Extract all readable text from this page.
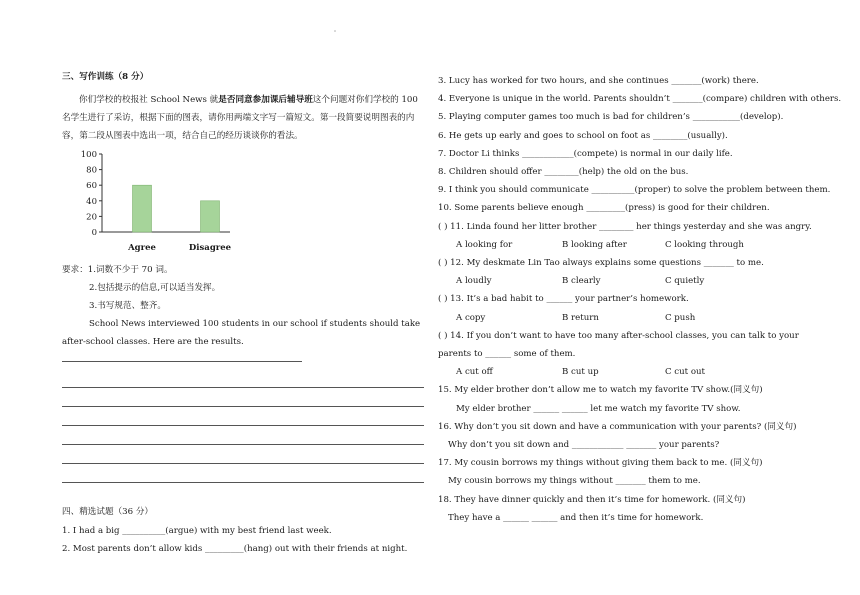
˙

三、写作训练（8 分）

你们学校的校报社 School News 就是否同意参加课后辅导班这个问题对你们学校的 100 名学生进行了采访，根据下面的图表，请你用两端文字写一篇短文。第一段简要说明图表的内容，第二段从图表中选出一项，结合自己的经历谈谈你的看法。

100
80
60
40
20
0
Agree	Disagree

要求：1.词数不少于 70 词。

2.包括提示的信息,可以适当发挥。

3.书写规范、整齐。

School News interviewed 100 students in our school if students should take after-school classes. Here are the results.

四、精选试题（36 分）

1. I had a big __________(argue) with my best friend last week.

2. Most parents don’t allow kids _________(hang) out with their friends at night.

3. Lucy has worked for two hours, and she continues _______(work) there.

4. Everyone is unique in the world. Parents shouldn’t _______(compare) children with others.

5. Playing computer games too much is bad for children’s ___________(develop).

6. He gets up early and goes to school on foot as ________(usually).

7. Doctor Li thinks ____________(compete) is normal in our daily life.

8. Children should offer ________(help) the old on the bus.

9. I think you should communicate __________(proper) to solve the problem between them.

10. Some parents believe enough _________(press) is good for their children.

( ) 11. Linda found her litter brother ________ her things yesterday and she was angry.

A looking for	B looking after	C looking through

( ) 12. My deskmate Lin Tao always explains some questions _______ to me.

A loudly	B clearly	C quietly

( ) 13. It’s a bad habit to ______ your partner’s homework.

A copy	B return	C push

( ) 14. If you don’t want to have too many after-school classes, you can talk to your parents to ______ some of them.

A cut off	B cut up	C cut out

15. My elder brother don’t allow me to watch my favorite TV show.(同义句)

My elder brother ______ ______ let me watch my favorite TV show.

16. Why don’t you sit down and have a communication with your parents? (同义句)

Why don’t you sit down and ____________ _______ your parents?

17. My cousin borrows my things without giving them back to me. (同义句)

My cousin borrows my things without _______ them to me.

18. They have dinner quickly and then it’s time for homework. (同义句)

They have a ______ ______ and then it’s time for homework.
